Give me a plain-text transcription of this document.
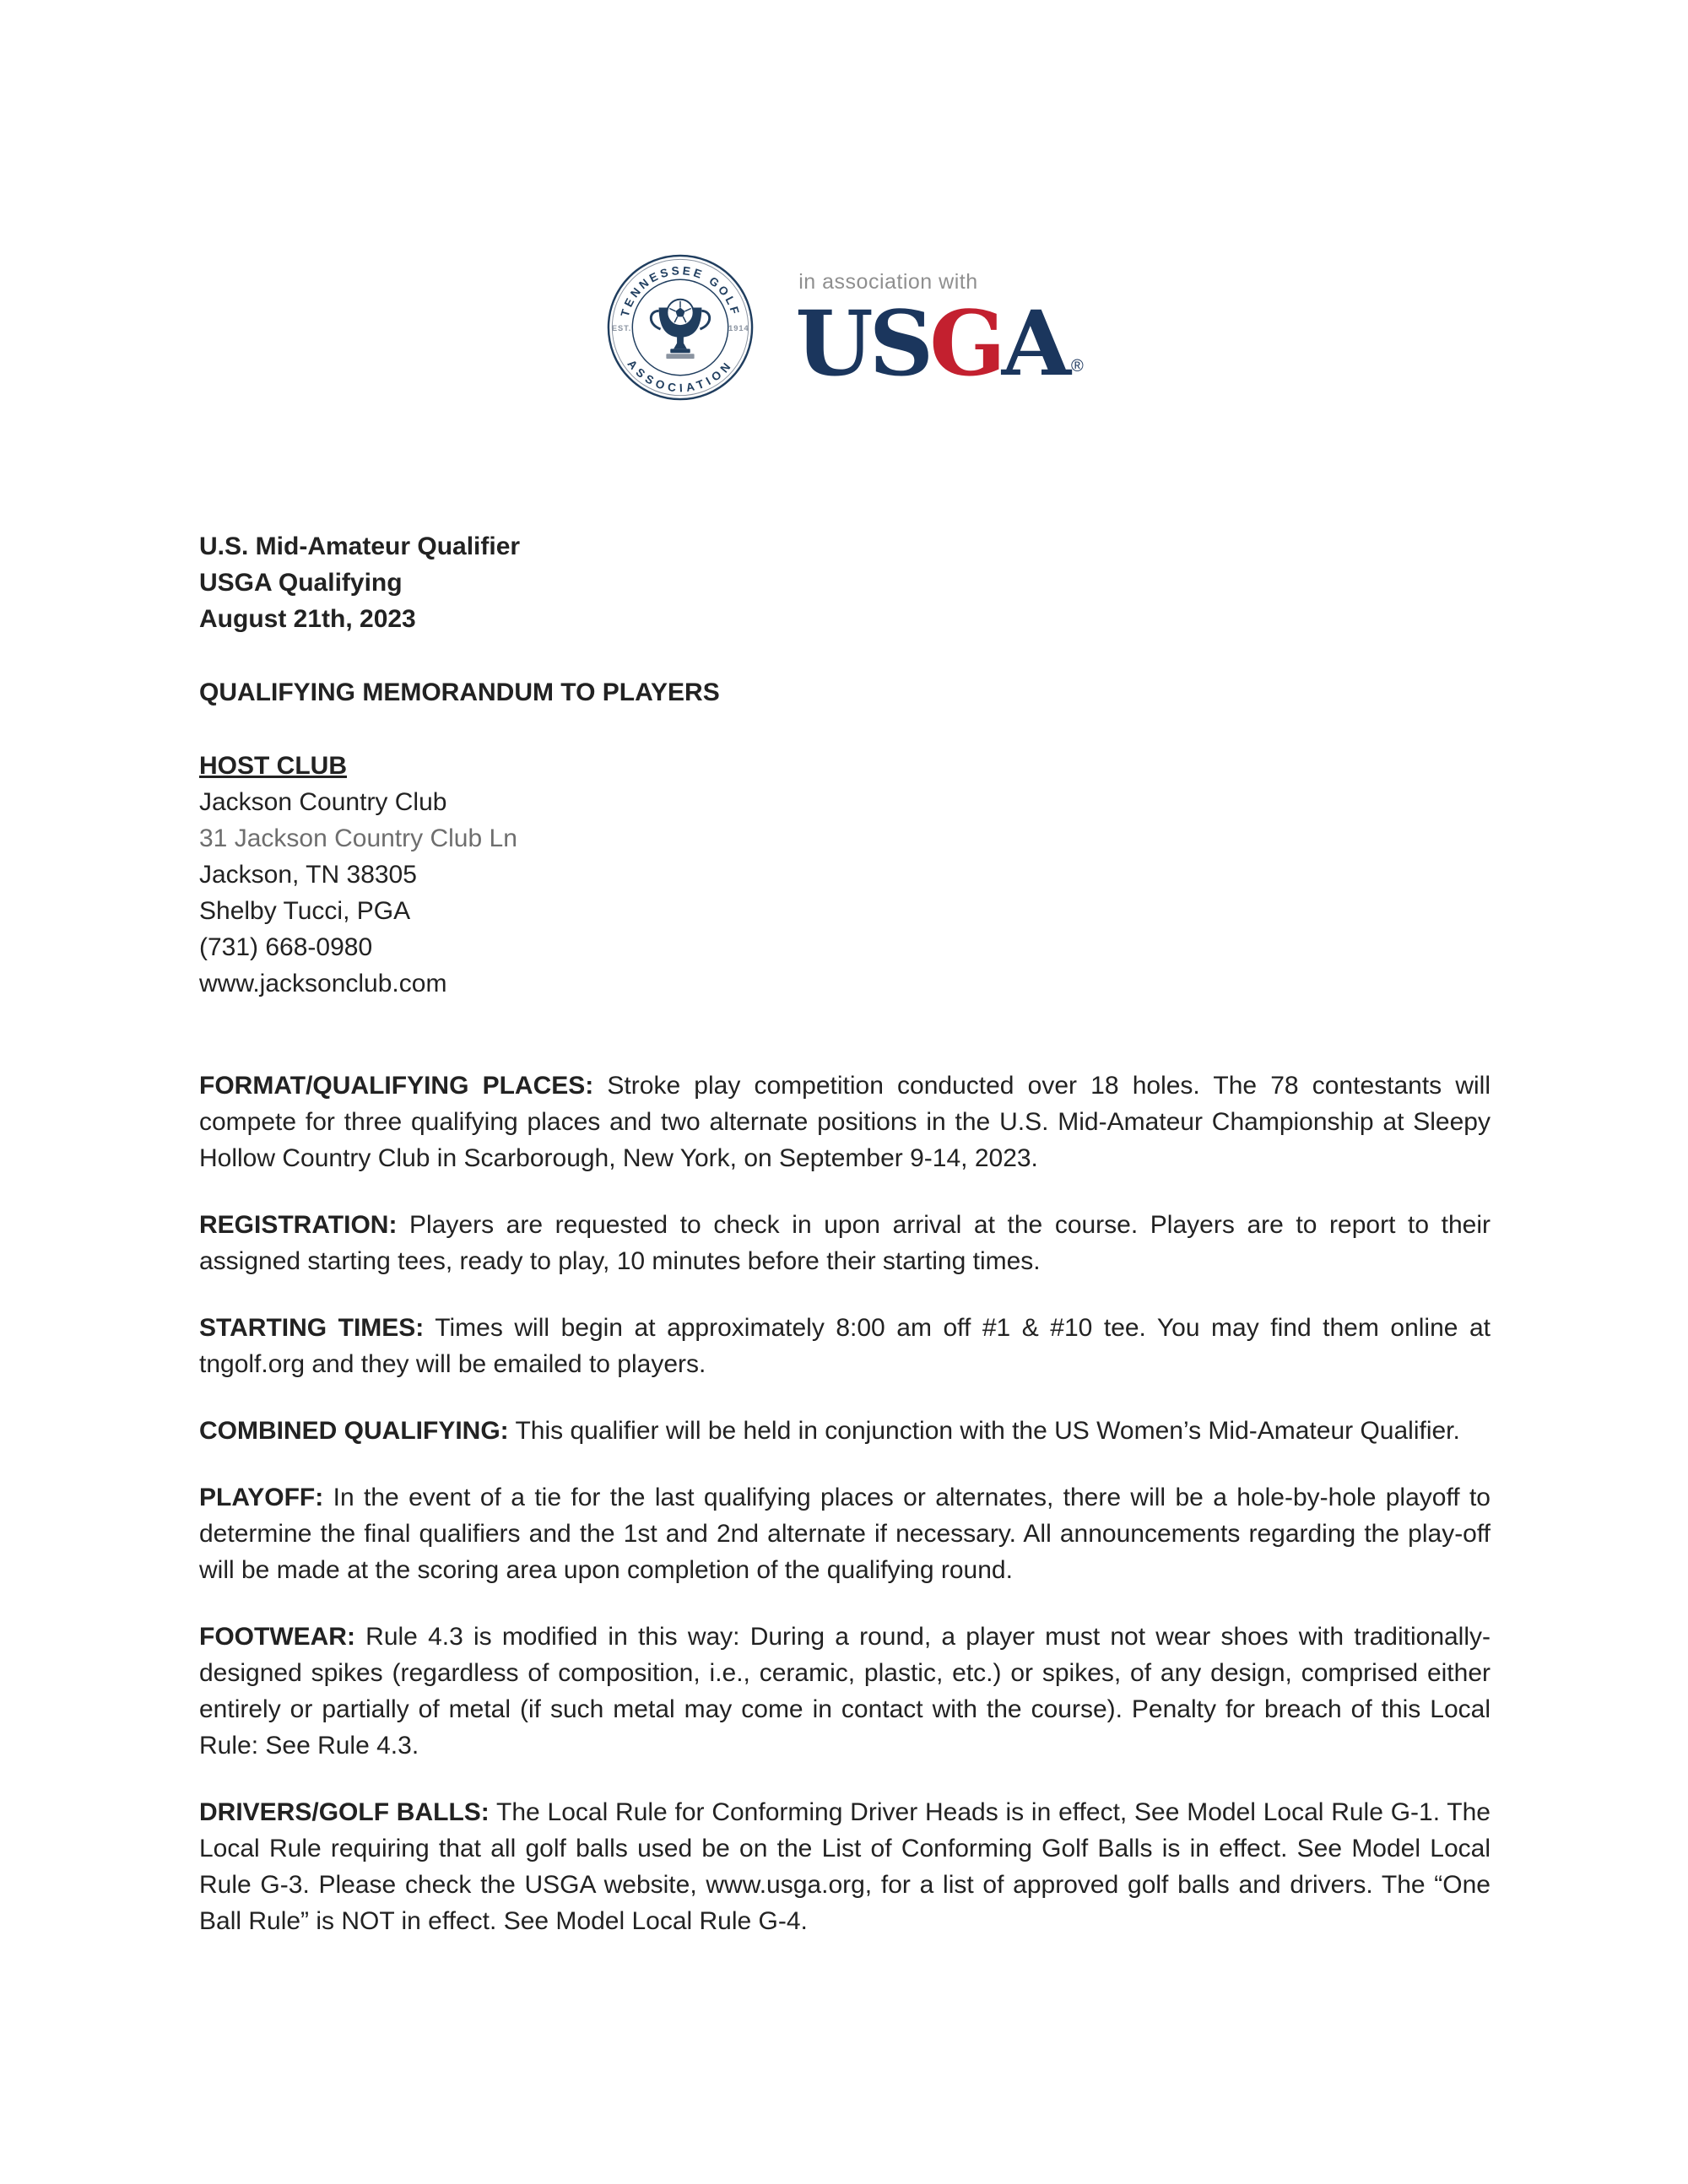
TENNESSEE GOLF
ASSOCIATION
EST.	1914
in association with
USGA ®
U.S. Mid-Amateur Qualifier
USGA Qualifying
August 21th, 2023
QUALIFYING MEMORANDUM TO PLAYERS
HOST CLUB
Jackson Country Club
31 Jackson Country Club Ln
Jackson, TN 38305
Shelby Tucci, PGA
(731) 668-0980
www.jacksonclub.com

FORMAT/QUALIFYING PLACES: Stroke play competition conducted over 18 holes. The 78 contestants will compete for three qualifying places and two alternate positions in the U.S. Mid-Amateur Championship at Sleepy Hollow Country Club in Scarborough, New York, on September 9-14, 2023.

REGISTRATION: Players are requested to check in upon arrival at the course. Players are to report to their assigned starting tees, ready to play, 10 minutes before their starting times.

STARTING TIMES: Times will begin at approximately 8:00 am off #1 & #10 tee. You may find them online at tngolf.org and they will be emailed to players.

COMBINED QUALIFYING: This qualifier will be held in conjunction with the US Women’s Mid-Amateur Qualifier.

PLAYOFF: In the event of a tie for the last qualifying places or alternates, there will be a hole-by-hole playoff to determine the final qualifiers and the 1st and 2nd alternate if necessary. All announcements regarding the play-off will be made at the scoring area upon completion of the qualifying round.

FOOTWEAR: Rule 4.3 is modified in this way: During a round, a player must not wear shoes with traditionally-designed spikes (regardless of composition, i.e., ceramic, plastic, etc.) or spikes, of any design, comprised either entirely or partially of metal (if such metal may come in contact with the course). Penalty for breach of this Local Rule: See Rule 4.3.

DRIVERS/GOLF BALLS: The Local Rule for Conforming Driver Heads is in effect, See Model Local Rule G-1. The Local Rule requiring that all golf balls used be on the List of Conforming Golf Balls is in effect. See Model Local Rule G-3. Please check the USGA website, www.usga.org, for a list of approved golf balls and drivers. The “One Ball Rule” is NOT in effect. See Model Local Rule G-4.
